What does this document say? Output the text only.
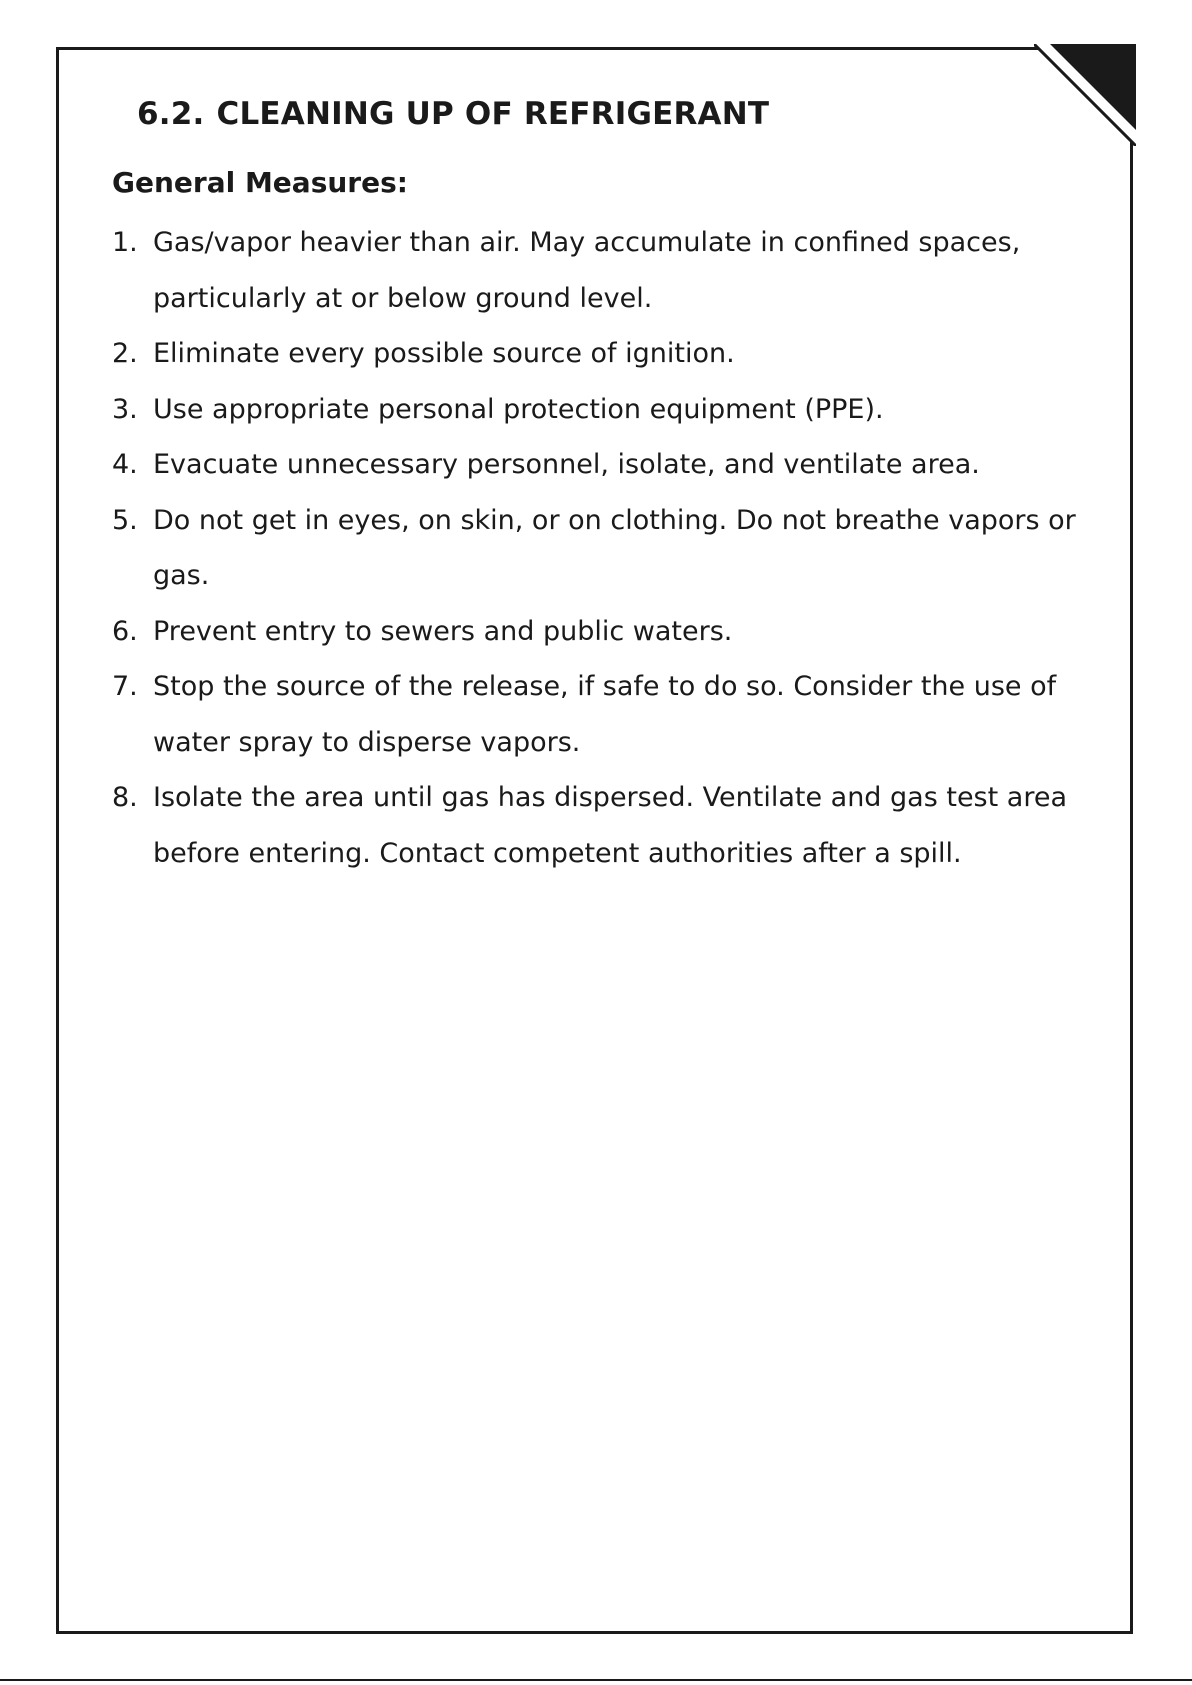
6.2. CLEANING UP OF REFRIGERANT
General Measures:
1. Gas/vapor heavier than air. May accumulate in confined spaces, particularly at or below ground level.
2. Eliminate every possible source of ignition.
3. Use appropriate personal protection equipment (PPE).
4. Evacuate unnecessary personnel, isolate, and ventilate area.
5. Do not get in eyes, on skin, or on clothing. Do not breathe vapors or gas.
6. Prevent entry to sewers and public waters.
7. Stop the source of the release, if safe to do so. Consider the use of water spray to disperse vapors.
8. Isolate the area until gas has dispersed. Ventilate and gas test area before entering. Contact competent authorities after a spill.
